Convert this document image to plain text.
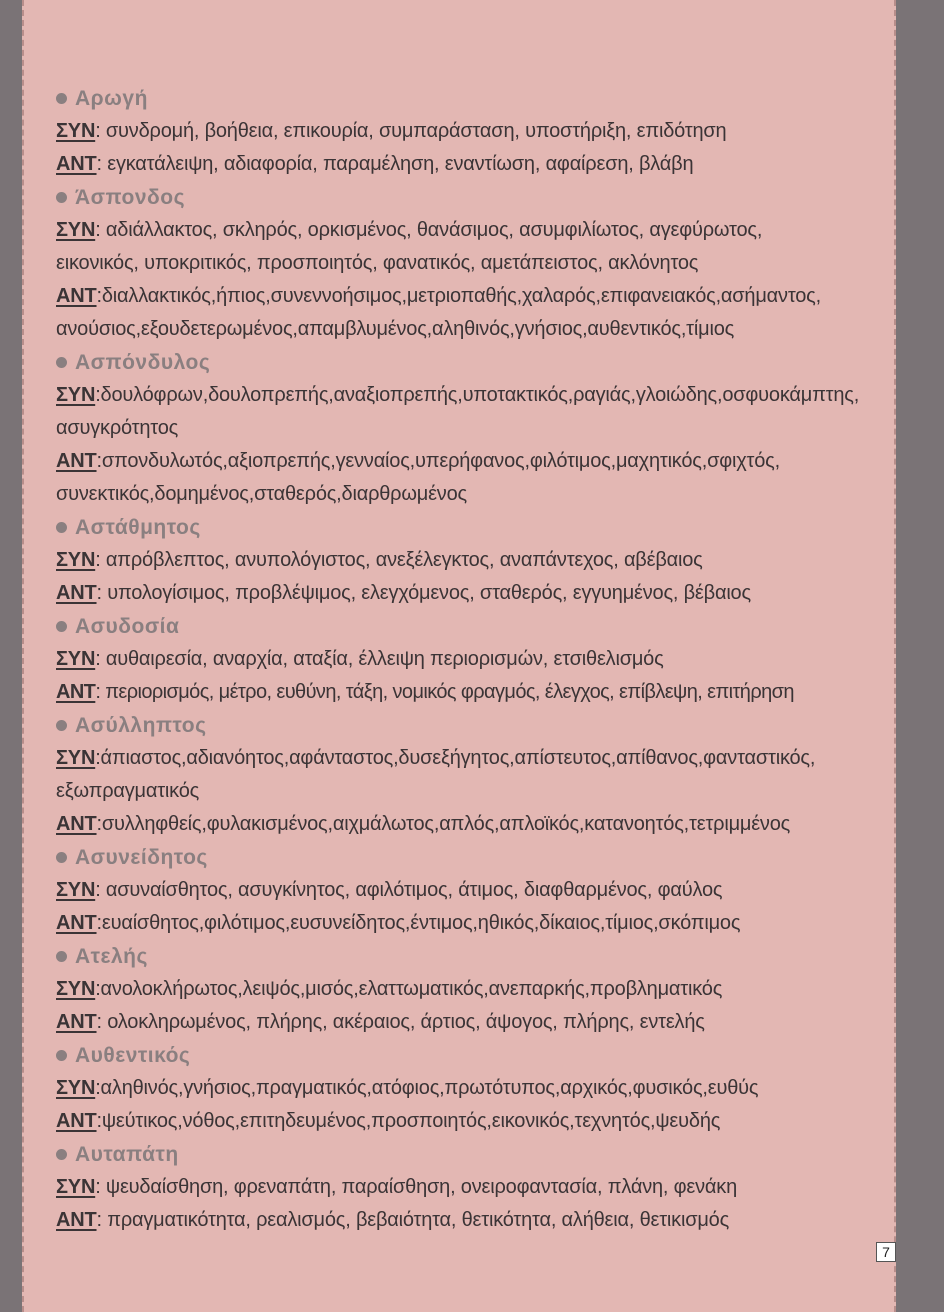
Αρωγή
ΣΥΝ: συνδρομή, βοήθεια, επικουρία, συμπαράσταση, υποστήριξη, επιδότηση
ΑΝΤ: εγκατάλειψη, αδιαφορία, παραμέληση, εναντίωση, αφαίρεση, βλάβη
Άσπονδος
ΣΥΝ: αδιάλλακτος, σκληρός, ορκισμένος, θανάσιμος, ασυμφιλίωτος, αγεφύρωτος,
εικονικός, υποκριτικός, προσποιητός, φανατικός, αμετάπειστος, ακλόνητος
ΑΝΤ:διαλλακτικός,ήπιος,συνεννοήσιμος,μετριοπαθής,χαλαρός,επιφανειακός,ασήμαντος,
ανούσιος,εξουδετερωμένος,απαμβλυμένος,αληθινός,γνήσιος,αυθεντικός,τίμιος
Ασπόνδυλος
ΣΥΝ:δουλόφρων,δουλοπρεπής,αναξιοπρεπής,υποτακτικός,ραγιάς,γλοιώδης,οσφυοκάμπτης,
ασυγκρότητος
ΑΝΤ:σπονδυλωτός,αξιοπρεπής,γενναίος,υπερήφανος,φιλότιμος,μαχητικός,σφιχτός,
συνεκτικός,δομημένος,σταθερός,διαρθρωμένος
Αστάθμητος
ΣΥΝ: απρόβλεπτος, ανυπολόγιστος, ανεξέλεγκτος, αναπάντεχος, αβέβαιος
ΑΝΤ: υπολογίσιμος, προβλέψιμος, ελεγχόμενος, σταθερός, εγγυημένος, βέβαιος
Ασυδοσία
ΣΥΝ: αυθαιρεσία, αναρχία, αταξία, έλλειψη περιορισμών, ετσιθελισμός
ΑΝΤ: περιορισμός, μέτρο, ευθύνη, τάξη, νομικός φραγμός, έλεγχος, επίβλεψη, επιτήρηση
Ασύλληπτος
ΣΥΝ:άπιαστος,αδιανόητος,αφάνταστος,δυσεξήγητος,απίστευτος,απίθανος,φανταστικός,
εξωπραγματικός
ΑΝΤ:συλληφθείς,φυλακισμένος,αιχμάλωτος,απλός,απλοϊκός,κατανοητός,τετριμμένος
Ασυνείδητος
ΣΥΝ: ασυναίσθητος, ασυγκίνητος, αφιλότιμος, άτιμος, διαφθαρμένος, φαύλος
ΑΝΤ:ευαίσθητος,φιλότιμος,ευσυνείδητος,έντιμος,ηθικός,δίκαιος,τίμιος,σκόπιμος
Ατελής
ΣΥΝ:ανολοκλήρωτος,λειψός,μισός,ελαττωματικός,ανεπαρκής,προβληματικός
ΑΝΤ: ολοκληρωμένος, πλήρης, ακέραιος, άρτιος, άψογος, πλήρης, εντελής
Αυθεντικός
ΣΥΝ:αληθινός,γνήσιος,πραγματικός,ατόφιος,πρωτότυπος,αρχικός,φυσικός,ευθύς
ΑΝΤ:ψεύτικος,νόθος,επιτηδευμένος,προσποιητός,εικονικός,τεχνητός,ψευδής
Αυταπάτη
ΣΥΝ: ψευδαίσθηση, φρεναπάτη, παραίσθηση, ονειροφαντασία, πλάνη, φενάκη
ΑΝΤ: πραγματικότητα, ρεαλισμός, βεβαιότητα, θετικότητα, αλήθεια, θετικισμός
7
